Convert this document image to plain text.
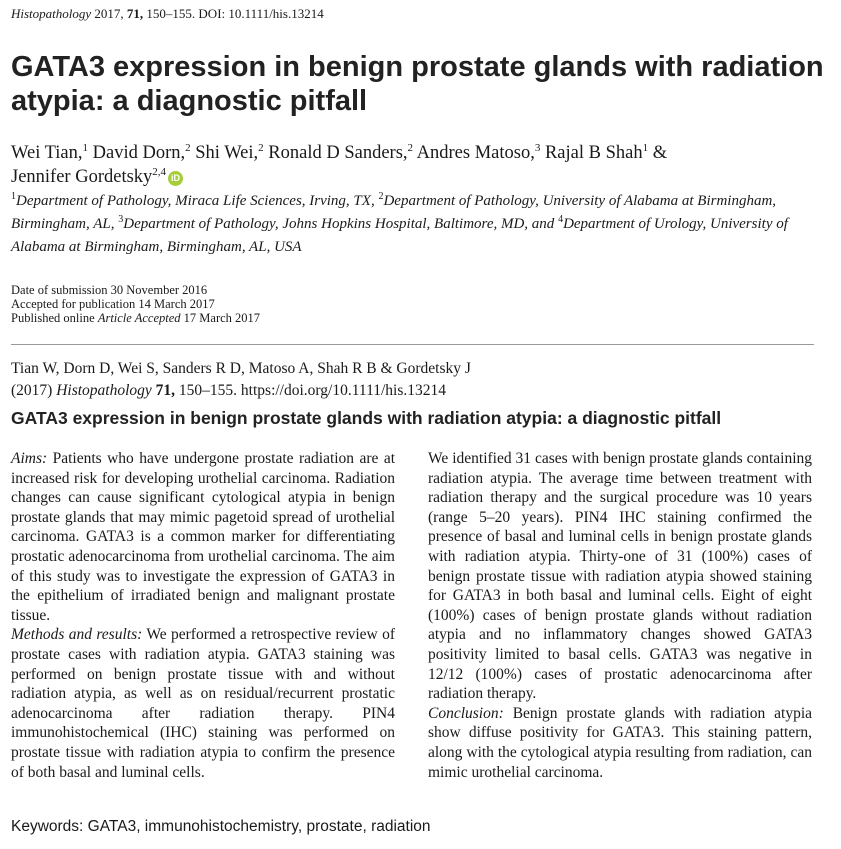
Histopathology 2017, 71, 150–155. DOI: 10.1111/his.13214
GATA3 expression in benign prostate glands with radiation atypia: a diagnostic pitfall
Wei Tian,$^1$ David Dorn,$^2$ Shi Wei,$^2$ Ronald D Sanders,$^2$ Andres Matoso,$^3$ Rajal B Shah$^1$ &
Jennifer Gordetsky$^{2,4}$iD
$^1$Department of Pathology, Miraca Life Sciences, Irving, TX, $^2$Department of Pathology, University of Alabama at Birmingham, Birmingham, AL, $^3$Department of Pathology, Johns Hopkins Hospital, Baltimore, MD, and $^4$Department of Urology, University of Alabama at Birmingham, Birmingham, AL, USA
Date of submission 30 November 2016
Accepted for publication 14 March 2017
Published online Article Accepted 17 March 2017
Tian W, Dorn D, Wei S, Sanders R D, Matoso A, Shah R B & Gordetsky J
(2017) Histopathology 71, 150–155. https://doi.org/10.1111/his.13214
GATA3 expression in benign prostate glands with radiation atypia: a diagnostic pitfall

Aims: Patients who have undergone prostate radiation are at increased risk for developing urothelial carcinoma. Radiation changes can cause significant cytological atypia in benign prostate glands that may mimic pagetoid spread of urothelial carcinoma. GATA3 is a common marker for differentiating prostatic adenocarcinoma from urothelial carcinoma. The aim of this study was to investigate the expression of GATA3 in the epithelium of irradiated benign and malignant prostate tissue.

Methods and results: We performed a retrospective review of prostate cases with radiation atypia. GATA3 staining was performed on benign prostate tissue with and without radiation atypia, as well as on residual/recurrent prostatic adenocarcinoma after radiation therapy. PIN4 immunohistochemical (IHC) staining was performed on prostate tissue with radiation atypia to confirm the presence of both basal and luminal cells.

We identified 31 cases with benign prostate glands containing radiation atypia. The average time between treatment with radiation therapy and the surgical procedure was 10 years (range 5–20 years). PIN4 IHC staining confirmed the presence of basal and luminal cells in benign prostate glands with radiation atypia. Thirty-one of 31 (100%) cases of benign prostate tissue with radiation atypia showed staining for GATA3 in both basal and luminal cells. Eight of eight (100%) cases of benign prostate glands without radiation atypia and no inflammatory changes showed GATA3 positivity limited to basal cells. GATA3 was negative in 12/12 (100%) cases of prostatic adenocarcinoma after radiation therapy.

Conclusion: Benign prostate glands with radiation atypia show diffuse positivity for GATA3. This staining pattern, along with the cytological atypia resulting from radiation, can mimic urothelial carcinoma.

Keywords: GATA3, immunohistochemistry, prostate, radiation
